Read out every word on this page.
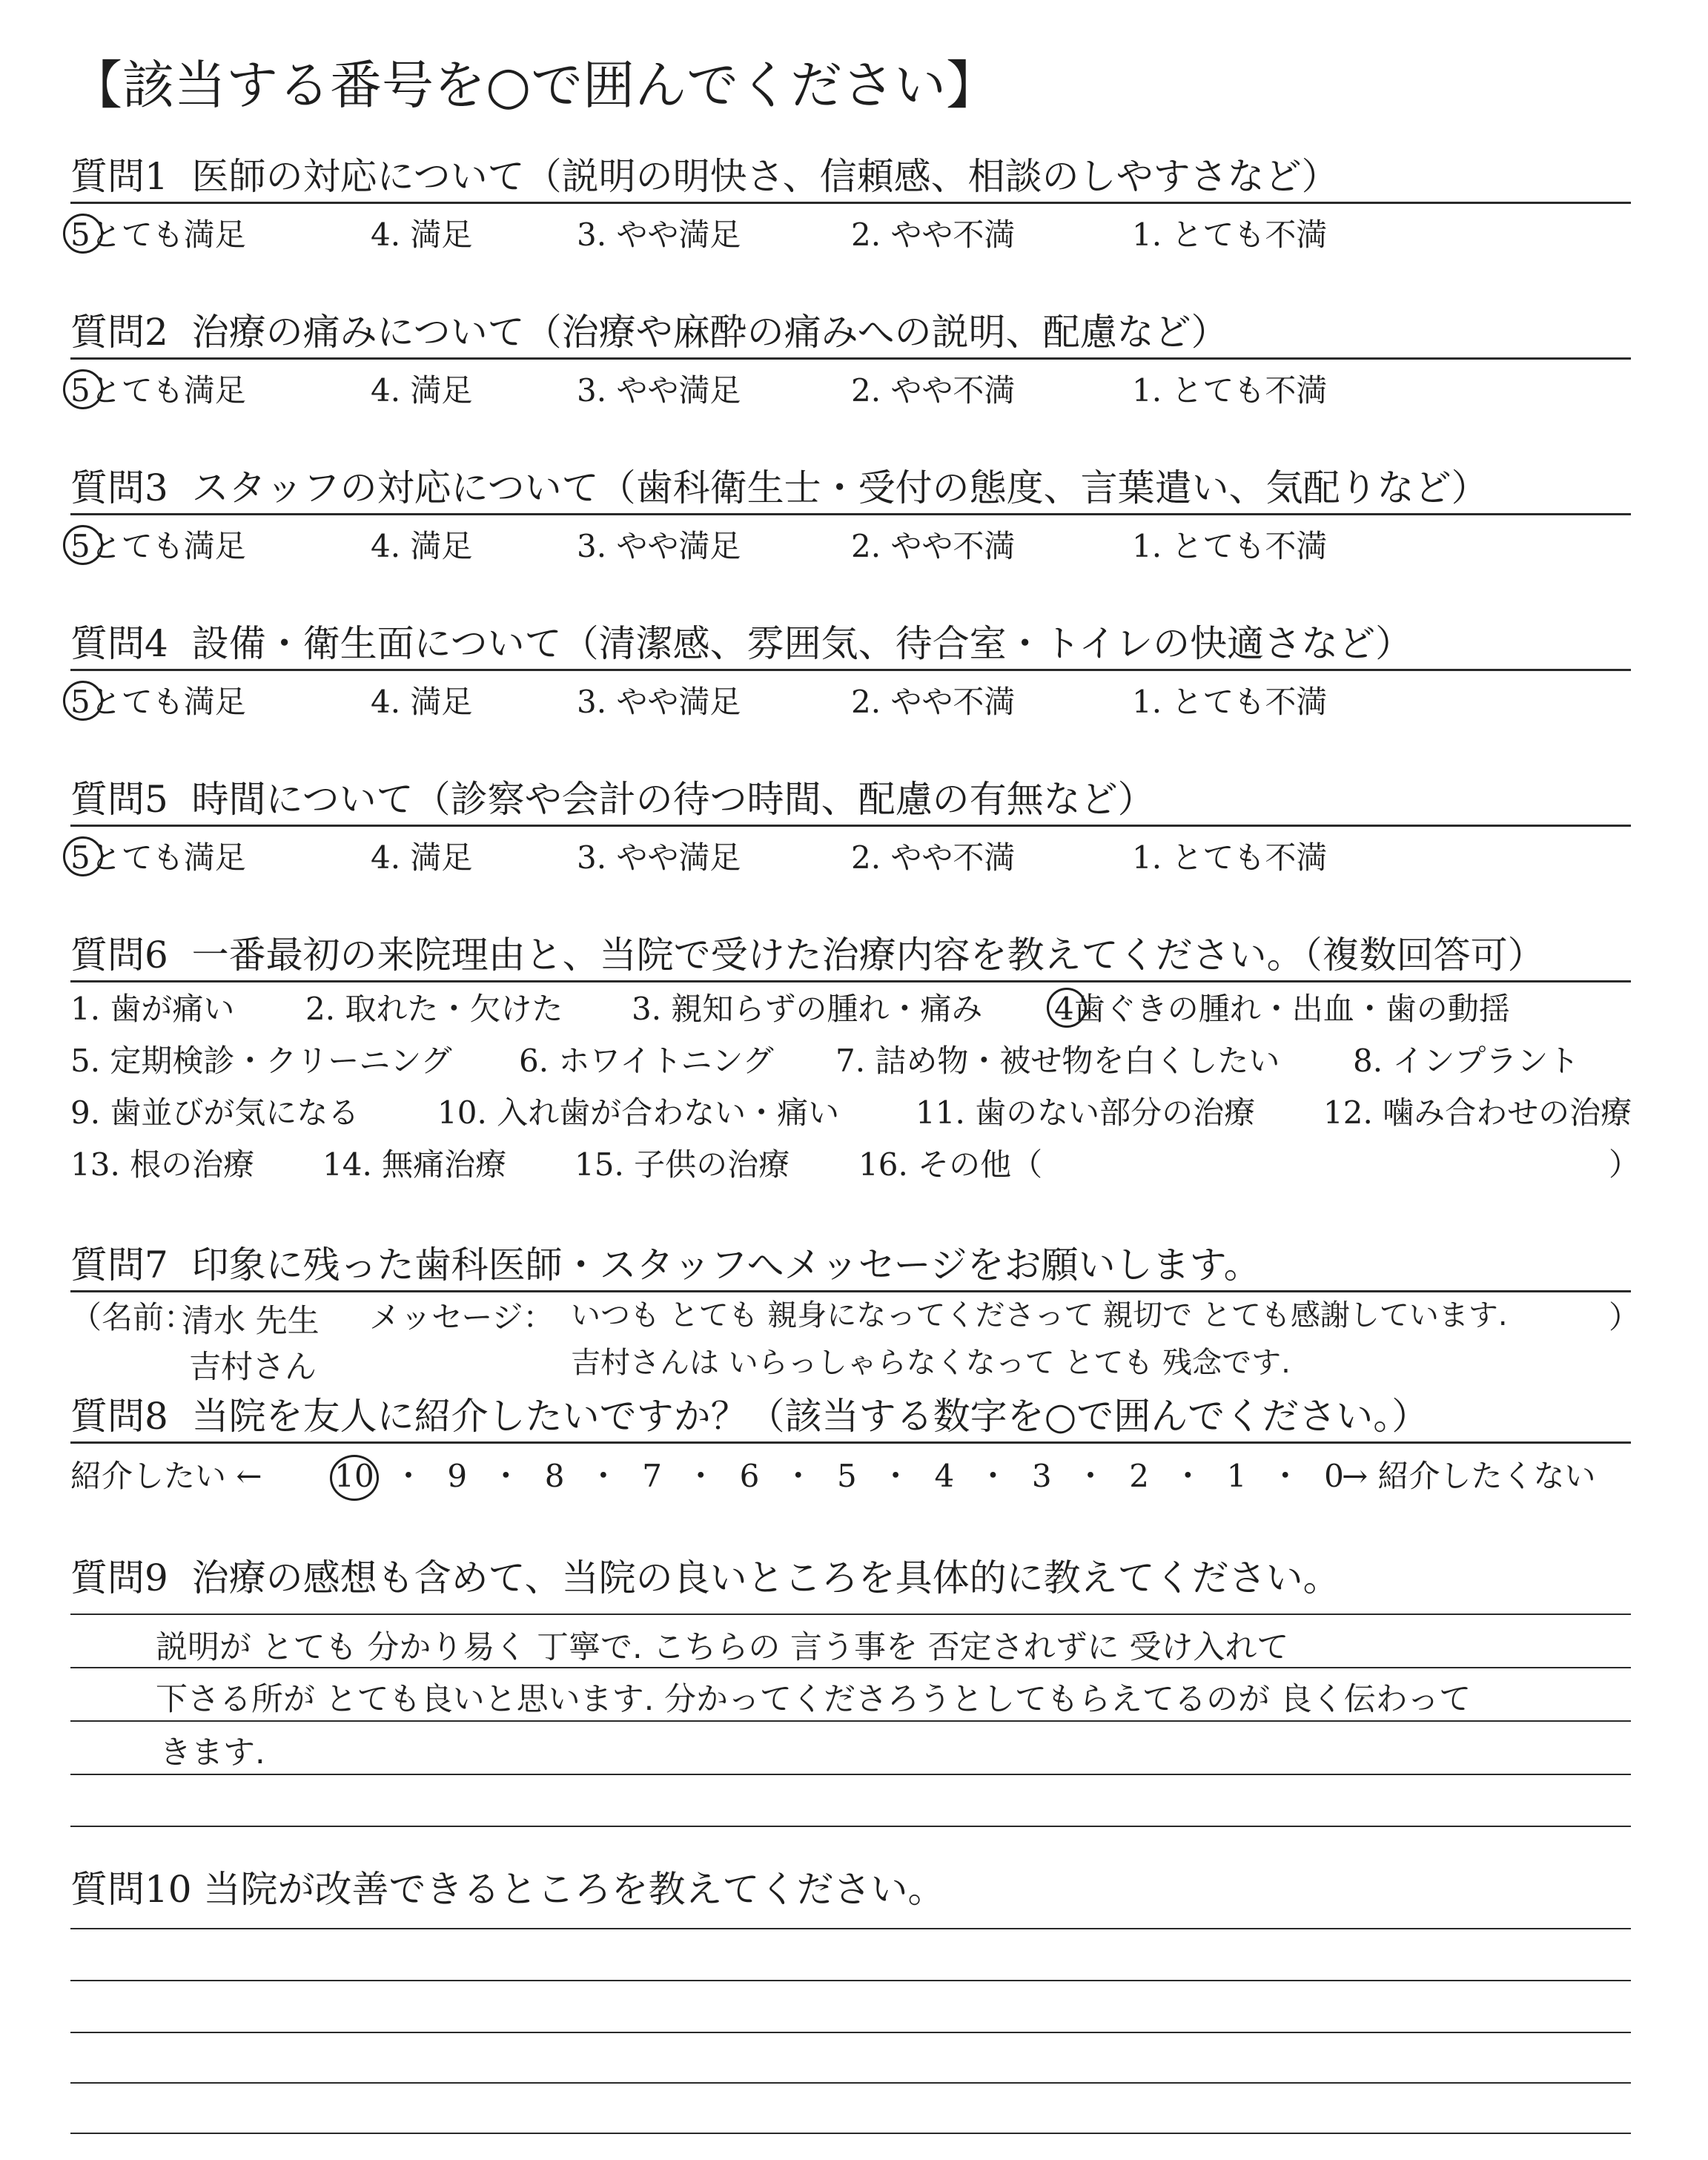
【該当する番号を○で囲んでください】
質問1 医師の対応について（説明の明快さ、信頼感、相談のしやすさなど）
5とても満足	4. 満足	3. やや満足	2. やや不満	1. とても不満
質問2 治療の痛みについて（治療や麻酔の痛みへの説明、配慮など）
5とても満足	4. 満足	3. やや満足	2. やや不満	1. とても不満
質問3 スタッフの対応について（歯科衛生士・受付の態度、言葉遣い、気配りなど）
5とても満足	4. 満足	3. やや満足	2. やや不満	1. とても不満
質問4 設備・衛生面について（清潔感、雰囲気、待合室・トイレの快適さなど）
5とても満足	4. 満足	3. やや満足	2. やや不満	1. とても不満
質問5 時間について（診察や会計の待つ時間、配慮の有無など）
5とても満足	4. 満足	3. やや満足	2. やや不満	1. とても不満
質問6 一番最初の来院理由と、当院で受けた治療内容を教えてください。（複数回答可）
1. 歯が痛い 2. 取れた・欠けた 3. 親知らずの腫れ・痛み 4歯ぐきの腫れ・出血・歯の動揺
5. 定期検診・クリーニング 6. ホワイトニング 7. 詰め物・被せ物を白くしたい 8. インプラント
9. 歯並びが気になる	10. 入れ歯が合わない・痛い 11. 歯のない部分の治療 12. 噛み合わせの治療
13. 根の治療 14. 無痛治療 15. 子供の治療 16. その他（	）
質問7 印象に残った歯科医師・スタッフへメッセージをお願いします。
（名前：
清水 先生
吉村さん
メッセージ： いつも とても 親身になってくださって 親切で とても感謝しています.
吉村さんは いらっしゃらなくなって とても 残念です.
）
質問8 当院を友人に紹介したいですか？（該当する数字を○で囲んでください。）
紹介したい ← 10 ・ 9 ・ 8 ・ 7 ・ 6 ・ 5 ・ 4 ・ 3 ・ 2 ・ 1 ・ 0
→ 紹介したくない
質問9 治療の感想も含めて、当院の良いところを具体的に教えてください。
説明が とても 分かり易く 丁寧で. こちらの 言う事を 否定されずに 受け入れて
下さる所が とても良いと思います. 分かってくださろうとしてもらえてるのが 良く伝わって
きます.
質問10 当院が改善できるところを教えてください。
